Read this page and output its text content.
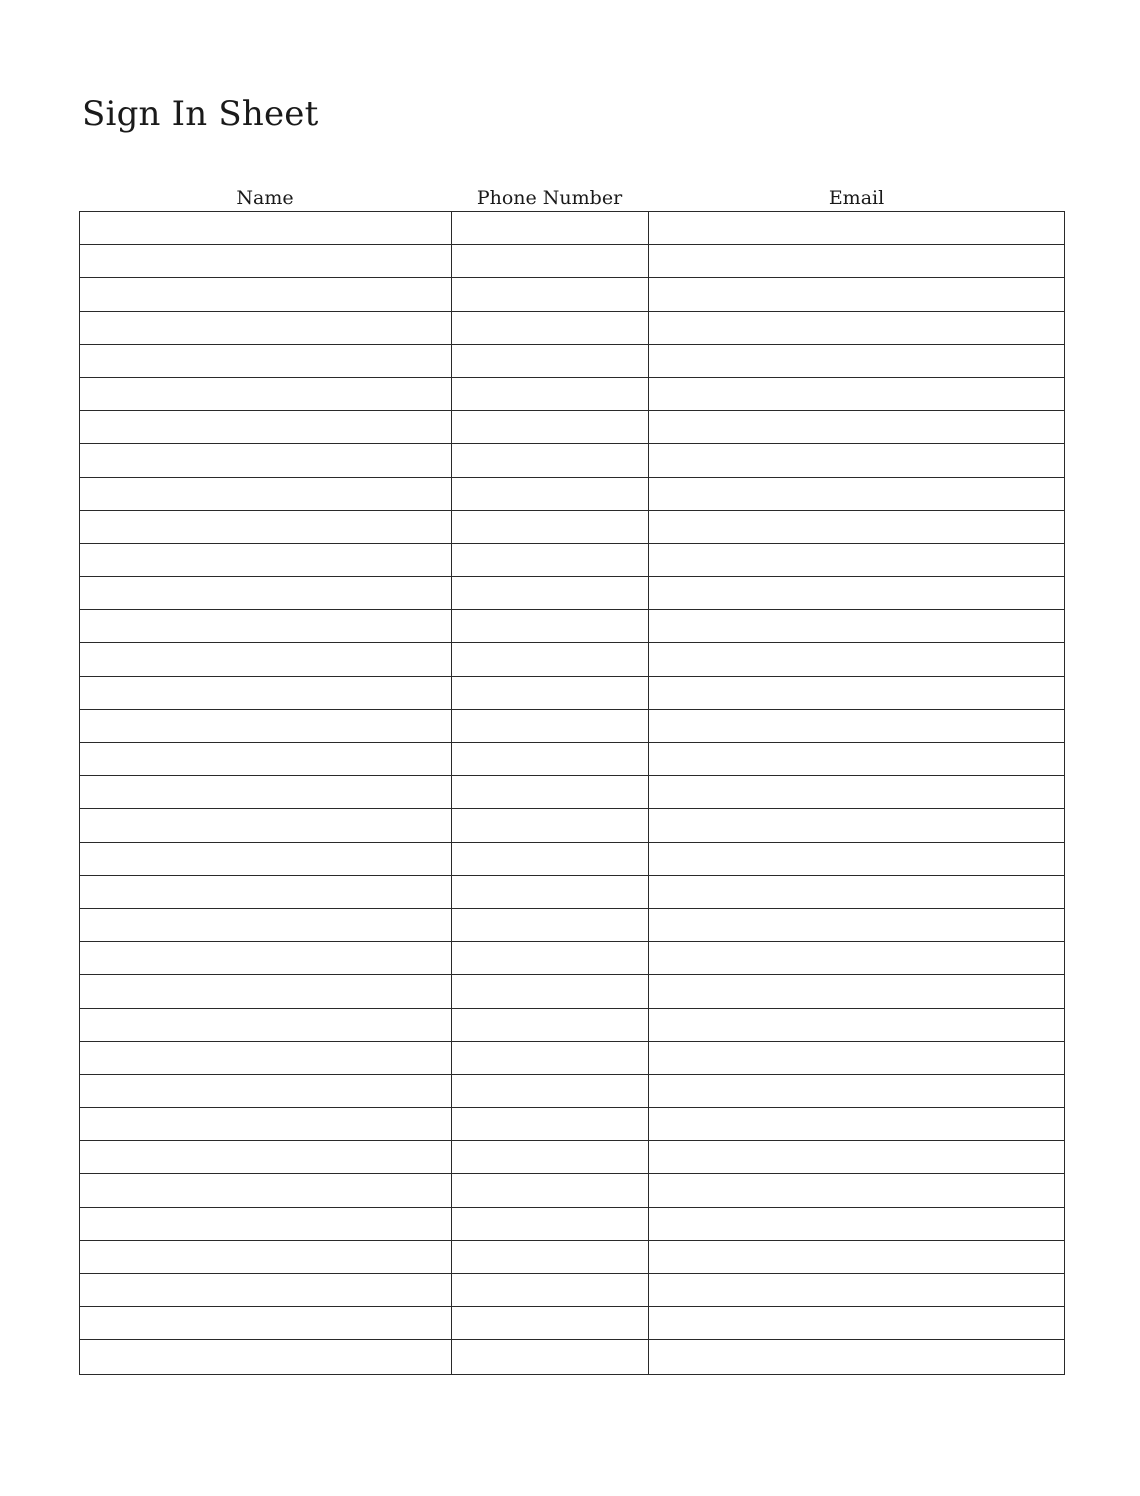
Sign In Sheet
Name	Phone Number	Email
